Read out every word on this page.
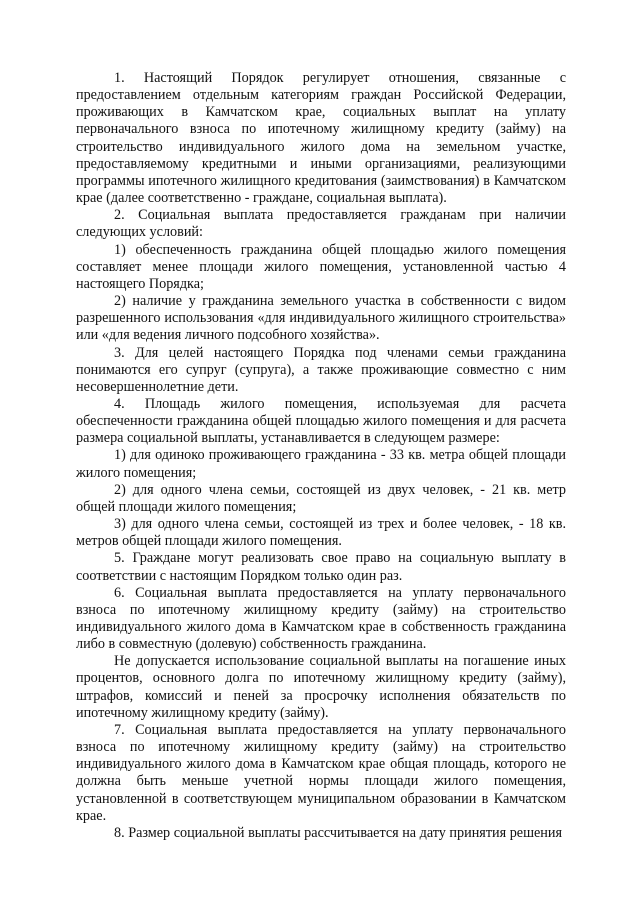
1. Настоящий Порядок регулирует отношения, связанные с предоставлением отдельным категориям граждан Российской Федерации, проживающих в Камчатском крае, социальных выплат на уплату первоначального взноса по ипотечному жилищному кредиту (займу) на строительство индивидуального жилого дома на земельном участке, предоставляемому кредитными и иными организациями, реализующими программы ипотечного жилищного кредитования (заимствования) в Камчатском крае (далее соответственно - граждане, социальная выплата).

2. Социальная выплата предоставляется гражданам при наличии следующих условий:

1) обеспеченность гражданина общей площадью жилого помещения составляет менее площади жилого помещения, установленной частью 4 настоящего Порядка;

2) наличие у гражданина земельного участка в собственности с видом разрешенного использования «для индивидуального жилищного строительства» или «для ведения личного подсобного хозяйства».

3. Для целей настоящего Порядка под членами семьи гражданина понимаются его супруг (супруга), а также проживающие совместно с ним несовершеннолетние дети.

4. Площадь жилого помещения, используемая для расчета обеспеченности гражданина общей площадью жилого помещения и для расчета размера социальной выплаты, устанавливается в следующем размере:

1) для одиноко проживающего гражданина - 33 кв. метра общей площади жилого помещения;

2) для одного члена семьи, состоящей из двух человек, - 21 кв. метр общей площади жилого помещения;

3) для одного члена семьи, состоящей из трех и более человек, - 18 кв. метров общей площади жилого помещения.

5. Граждане могут реализовать свое право на социальную выплату в соответствии с настоящим Порядком только один раз.

6. Социальная выплата предоставляется на уплату первоначального взноса по ипотечному жилищному кредиту (займу) на строительство индивидуального жилого дома в Камчатском крае в собственность гражданина либо в совместную (долевую) собственность гражданина.

Не допускается использование социальной выплаты на погашение иных процентов, основного долга по ипотечному жилищному кредиту (займу), штрафов, комиссий и пеней за просрочку исполнения обязательств по ипотечному жилищному кредиту (займу).

7. Социальная выплата предоставляется на уплату первоначального взноса по ипотечному жилищному кредиту (займу) на строительство индивидуального жилого дома в Камчатском крае общая площадь, которого не должна быть меньше учетной нормы площади жилого помещения, установленной в соответствующем муниципальном образовании в Камчатском крае.

8. Размер социальной выплаты рассчитывается на дату принятия решения
